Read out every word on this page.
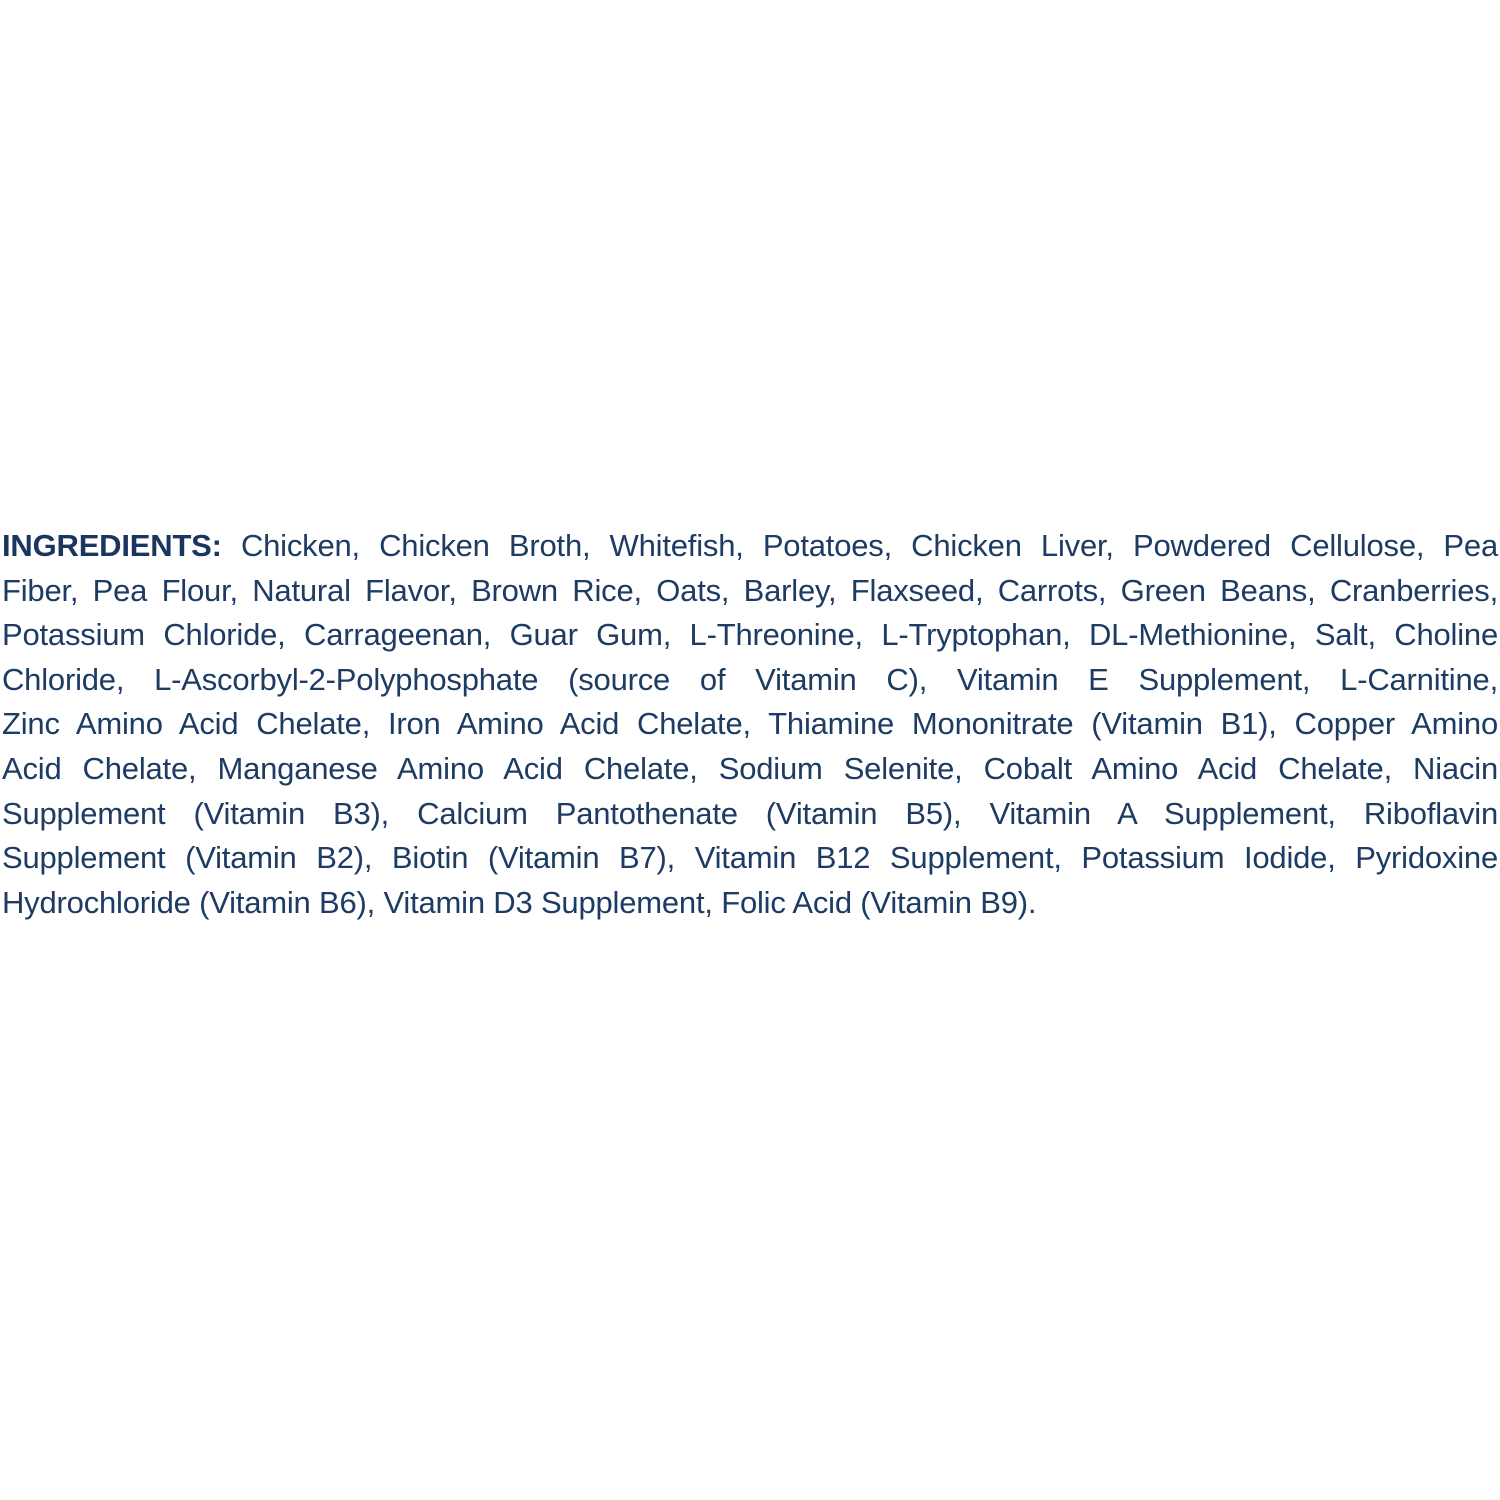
INGREDIENTS: Chicken, Chicken Broth, Whitefish, Potatoes, Chicken Liver, Powdered Cellulose, Pea
Fiber, Pea Flour, Natural Flavor, Brown Rice, Oats, Barley, Flaxseed, Carrots, Green Beans, Cranberries,
Potassium Chloride, Carrageenan, Guar Gum, L-Threonine, L-Tryptophan, DL-Methionine, Salt, Choline
Chloride, L-Ascorbyl-2-Polyphosphate (source of Vitamin C), Vitamin E Supplement, L-Carnitine,
Zinc Amino Acid Chelate, Iron Amino Acid Chelate, Thiamine Mononitrate (Vitamin B1), Copper Amino
Acid Chelate, Manganese Amino Acid Chelate, Sodium Selenite, Cobalt Amino Acid Chelate, Niacin
Supplement (Vitamin B3), Calcium Pantothenate (Vitamin B5), Vitamin A Supplement, Riboflavin
Supplement (Vitamin B2), Biotin (Vitamin B7), Vitamin B12 Supplement, Potassium Iodide, Pyridoxine
Hydrochloride (Vitamin B6), Vitamin D3 Supplement, Folic Acid (Vitamin B9).
